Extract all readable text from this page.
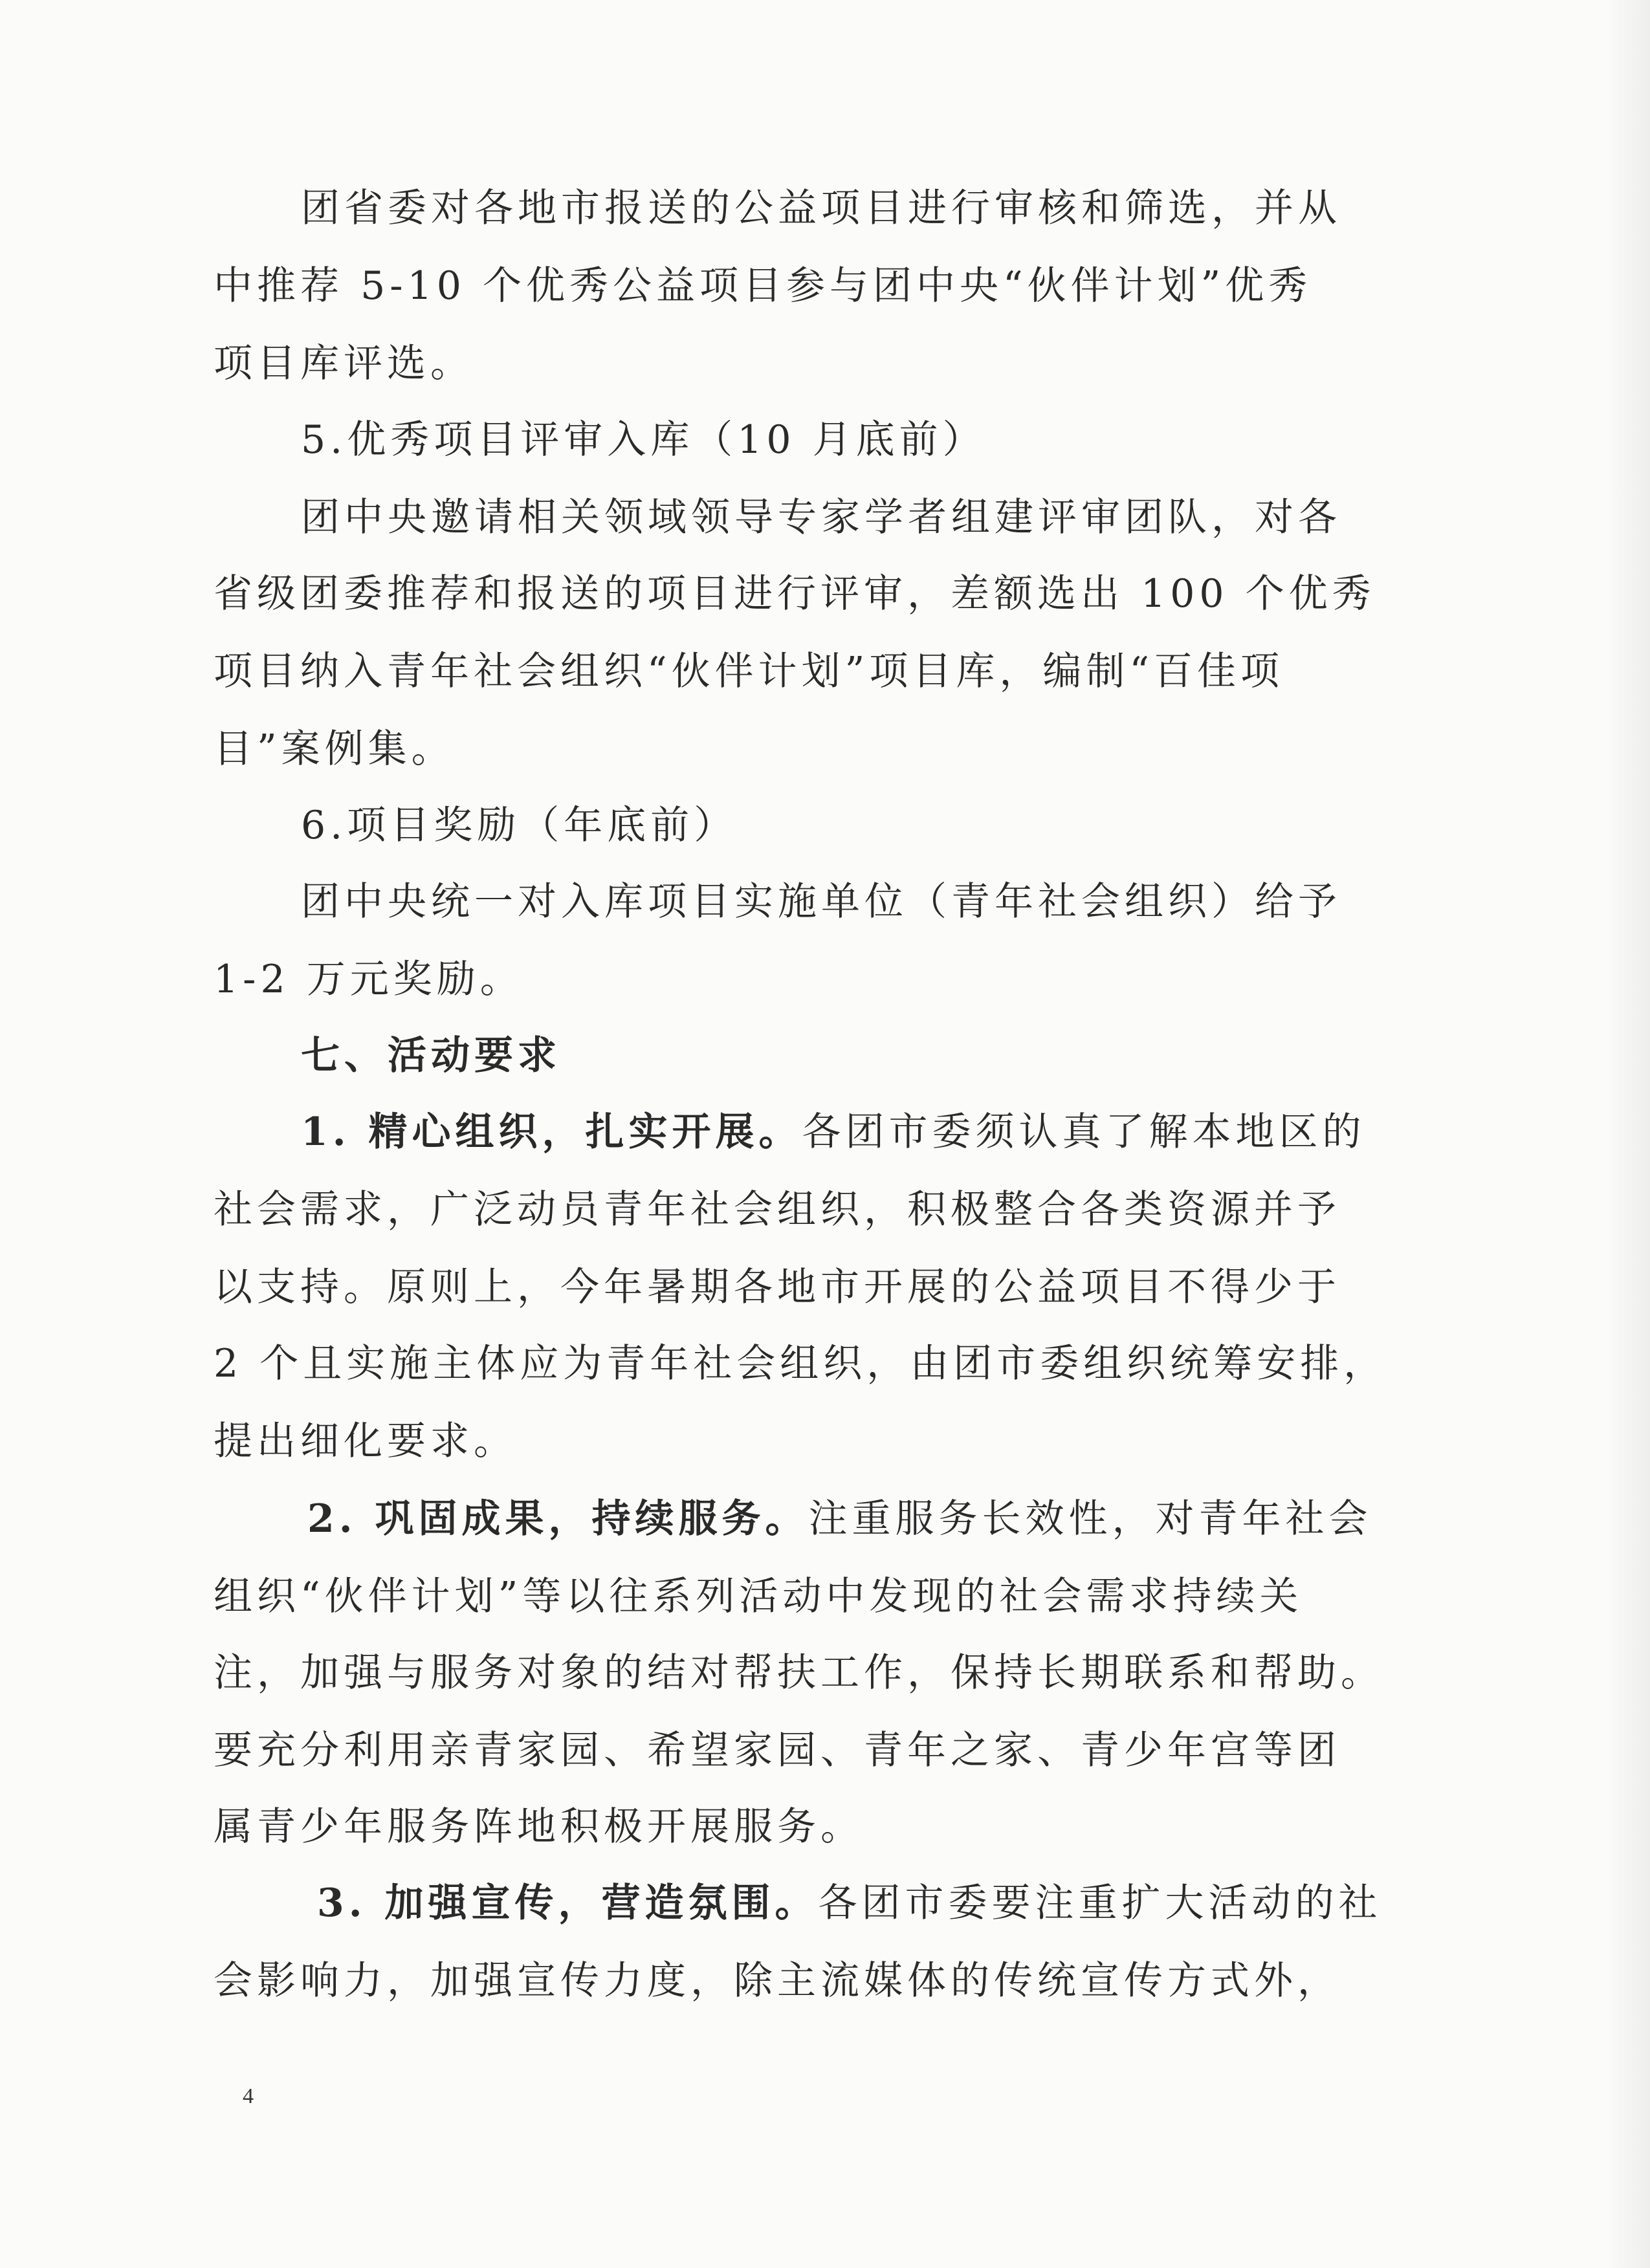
团省委对各地市报送的公益项目进行审核和筛选，并从
中推荐 5-10 个优秀公益项目参与团中央“伙伴计划”优秀
项目库评选。
5.优秀项目评审入库（10 月底前）
团中央邀请相关领域领导专家学者组建评审团队，对各
省级团委推荐和报送的项目进行评审，差额选出 100 个优秀
项目纳入青年社会组织“伙伴计划”项目库，编制“百佳项
目”案例集。
6.项目奖励（年底前）
团中央统一对入库项目实施单位（青年社会组织）给予
1-2 万元奖励。
七、活动要求
1. 精心组织，扎实开展。各团市委须认真了解本地区的
社会需求，广泛动员青年社会组织，积极整合各类资源并予
以支持。原则上，今年暑期各地市开展的公益项目不得少于
2 个且实施主体应为青年社会组织，由团市委组织统筹安排，
提出细化要求。
2. 巩固成果，持续服务。注重服务长效性，对青年社会
组织“伙伴计划”等以往系列活动中发现的社会需求持续关
注，加强与服务对象的结对帮扶工作，保持长期联系和帮助。
要充分利用亲青家园、希望家园、青年之家、青少年宫等团
属青少年服务阵地积极开展服务。
3. 加强宣传，营造氛围。各团市委要注重扩大活动的社
会影响力，加强宣传力度，除主流媒体的传统宣传方式外，
4
